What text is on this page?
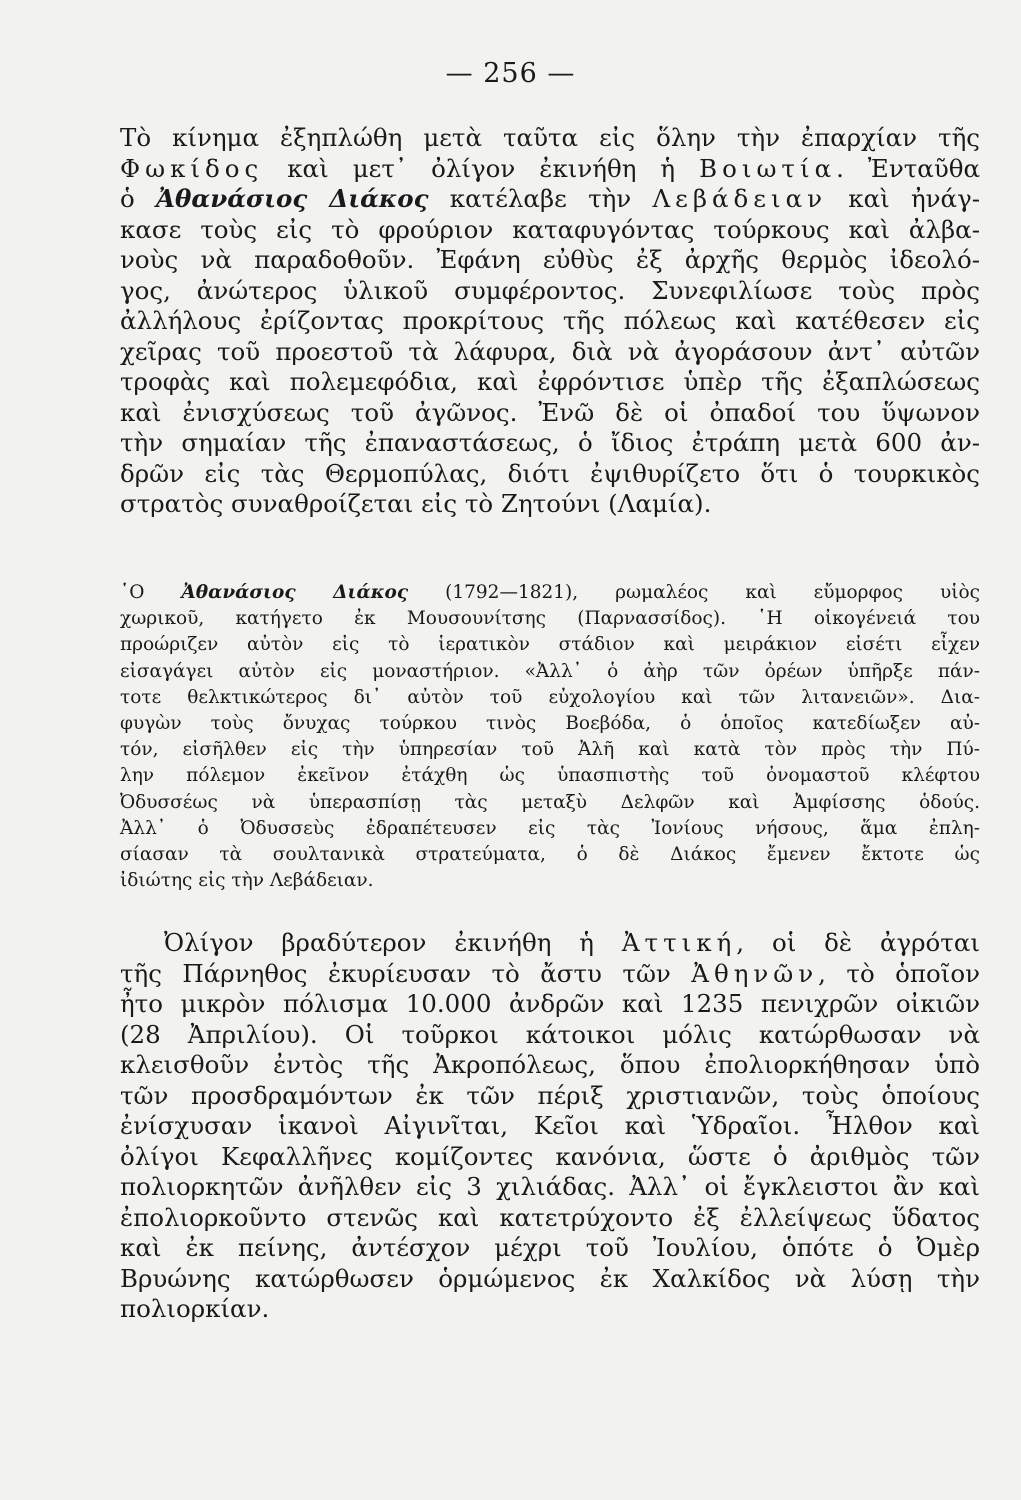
— 256 —
Τὸ κίνημα ἐξηπλώθη μετὰ ταῦτα εἰς ὅλην τὴν ἐπαρχίαν τῆς
Φωκίδος καὶ μετ᾿ ὀλίγον ἐκινήθη ἡ Βοιωτία. Ἐνταῦθα
ὁ Ἀθανάσιος Διάκος κατέλαβε τὴν Λεβάδειαν καὶ ἠνάγ-
κασε τοὺς εἰς τὸ φρούριον καταφυγόντας τούρκους καὶ ἀλβα-
νοὺς νὰ παραδοθοῦν. Ἐφάνη εὐθὺς ἐξ ἀρχῆς θερμὸς ἰδεολό-
γος, ἀνώτερος ὑλικοῦ συμφέροντος. Συνεφιλίωσε τοὺς πρὸς
ἀλλήλους ἐρίζοντας προκρίτους τῆς πόλεως καὶ κατέθεσεν εἰς
χεῖρας τοῦ προεστοῦ τὰ λάφυρα, διὰ νὰ ἀγοράσουν ἀντ᾿ αὐτῶν
τροφὰς καὶ πολεμεφόδια, καὶ ἐφρόντισε ὑπὲρ τῆς ἐξαπλώσεως
καὶ ἐνισχύσεως τοῦ ἀγῶνος. Ἐνῶ δὲ οἱ ὀπαδοί του ὕψωνον
τὴν σημαίαν τῆς ἐπαναστάσεως, ὁ ἴδιος ἐτράπη μετὰ 600 ἀν-
δρῶν εἰς τὰς Θερμοπύλας, διότι ἐψιθυρίζετο ὅτι ὁ τουρκικὸς
στρατὸς συναθροίζεται εἰς τὸ Ζητούνι (Λαμία).
῾Ο Ἀθανάσιος Διάκος (1792—1821), ρωμαλέος καὶ εὔμορφος υἱὸς
χωρικοῦ, κατήγετο ἐκ Μουσουνίτσης (Παρνασσίδος). ῾Η οἰκογένειά του
προώριζεν αὐτὸν εἰς τὸ ἱερατικὸν στάδιον καὶ μειράκιον εἰσέτι εἶχεν
εἰσαγάγει αὐτὸν εἰς μοναστήριον. «Ἀλλ᾿ ὁ ἀὴρ τῶν ὀρέων ὑπῆρξε πάν-
τοτε θελκτικώτερος δι᾿ αὐτὸν τοῦ εὐχολογίου καὶ τῶν λιτανειῶν». Δια-
φυγὼν τοὺς ὄνυχας τούρκου τινὸς Βοεβόδα, ὁ ὁποῖος κατεδίωξεν αὐ-
τόν, εἰσῆλθεν εἰς τὴν ὑπηρεσίαν τοῦ Ἀλῆ καὶ κατὰ τὸν πρὸς τὴν Πύ-
λην πόλεμον ἐκεῖνον ἐτάχθη ὡς ὑπασπιστὴς τοῦ ὀνομαστοῦ κλέφτου
Ὀδυσσέως νὰ ὑπερασπίσῃ τὰς μεταξὺ Δελφῶν καὶ Ἀμφίσσης ὁδούς.
Ἀλλ᾿ ὁ Ὀδυσσεὺς ἐδραπέτευσεν εἰς τὰς Ἰονίους νήσους, ἅμα ἐπλη-
σίασαν τὰ σουλτανικὰ στρατεύματα, ὁ δὲ Διάκος ἔμενεν ἔκτοτε ὡς
ἰδιώτης εἰς τὴν Λεβάδειαν.
Ὀλίγον βραδύτερον ἐκινήθη ἡ Ἀττική, οἱ δὲ ἀγρόται
τῆς Πάρνηθος ἐκυρίευσαν τὸ ἄστυ τῶν Ἀθηνῶν, τὸ ὁποῖον
ἦτο μικρὸν πόλισμα 10.000 ἀνδρῶν καὶ 1235 πενιχρῶν οἰκιῶν
(28 Ἀπριλίου). Οἱ τοῦρκοι κάτοικοι μόλις κατώρθωσαν νὰ
κλεισθοῦν ἐντὸς τῆς Ἀκροπόλεως, ὅπου ἐπολιορκήθησαν ὑπὸ
τῶν προσδραμόντων ἐκ τῶν πέριξ χριστιανῶν, τοὺς ὁποίους
ἐνίσχυσαν ἱκανοὶ Αἰγινῖται, Κεῖοι καὶ Ὑδραῖοι. Ἦλθον καὶ
ὀλίγοι Κεφαλλῆνες κομίζοντες κανόνια, ὥστε ὁ ἀριθμὸς τῶν
πολιορκητῶν ἀνῆλθεν εἰς 3 χιλιάδας. Ἀλλ᾿ οἱ ἔγκλειστοι ἂν καὶ
ἐπολιορκοῦντο στενῶς καὶ κατετρύχοντο ἐξ ἐλλείψεως ὕδατος
καὶ ἐκ πείνης, ἀντέσχον μέχρι τοῦ Ἰουλίου, ὁπότε ὁ Ὀμὲρ
Βρυώνης κατώρθωσεν ὁρμώμενος ἐκ Χαλκίδος νὰ λύσῃ τὴν
πολιορκίαν.
